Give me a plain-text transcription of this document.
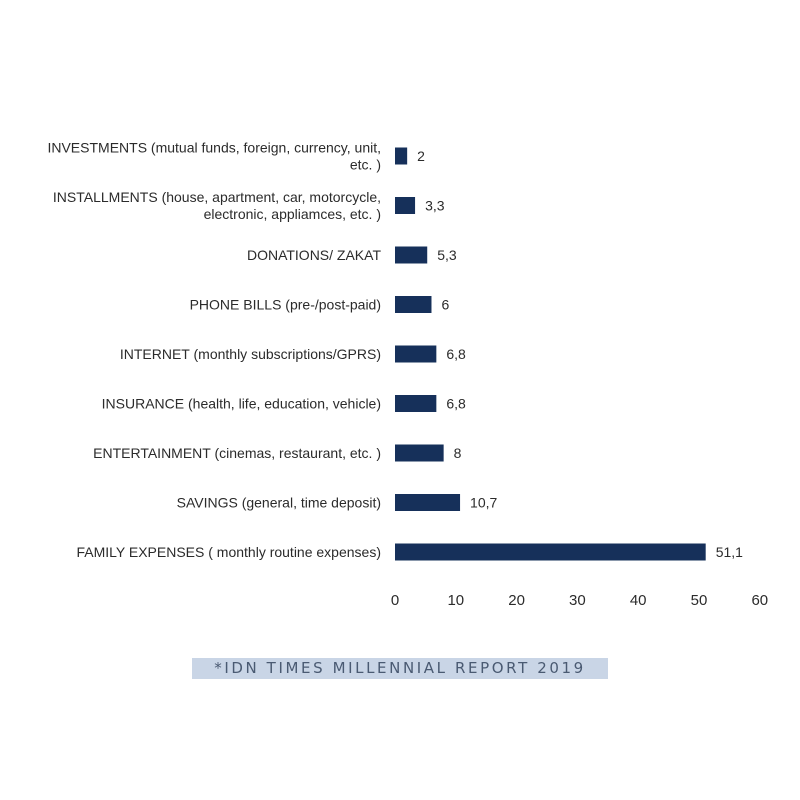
INVESTMENTS (mutual funds, foreign, currency, unit,
etc. )
INSTALLMENTS (house, apartment, car, motorcycle,
electronic, appliamces, etc. )
DONATIONS/ ZAKAT
PHONE BILLS (pre-/post-paid)
INTERNET (monthly subscriptions/GPRS)
INSURANCE (health, life, education, vehicle)
ENTERTAINMENT (cinemas, restaurant, etc. )
SAVINGS (general, time deposit)
FAMILY EXPENSES ( monthly routine expenses)
2
3,3
5,3
6
6,8
6,8
8
10,7
51,1
0	10	20	30	40	50	60
*IDN TIMES MILLENNIAL REPORT 2019
